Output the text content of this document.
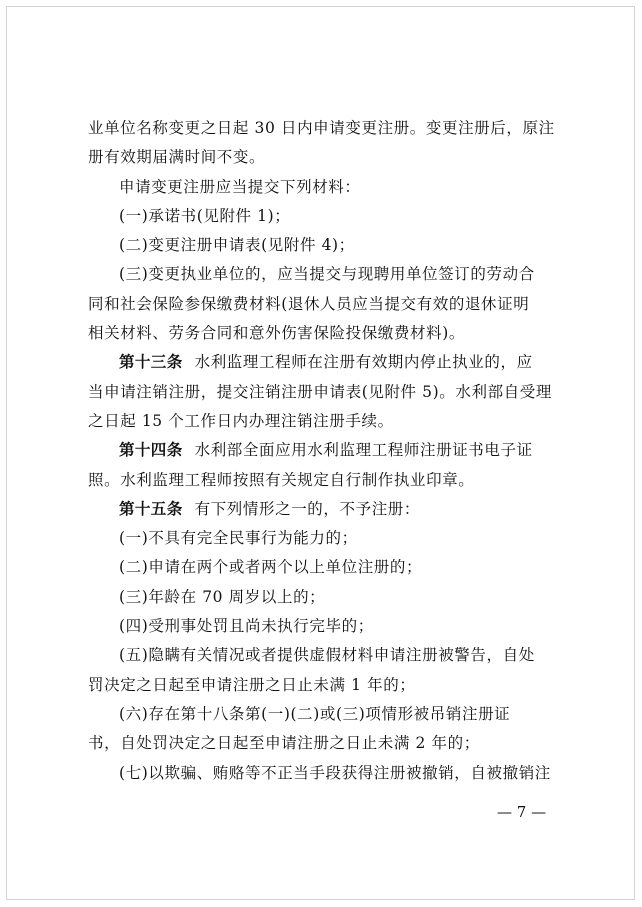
业单位名称变更之日起 30 日内申请变更注册。变更注册后，原注
册有效期届满时间不变。
申请变更注册应当提交下列材料：
(一)承诺书(见附件 1)；
(二)变更注册申请表(见附件 4)；
(三)变更执业单位的，应当提交与现聘用单位签订的劳动合
同和社会保险参保缴费材料(退休人员应当提交有效的退休证明
相关材料、劳务合同和意外伤害保险投保缴费材料)。
第十三条 水利监理工程师在注册有效期内停止执业的，应
当申请注销注册，提交注销注册申请表(见附件 5)。水利部自受理
之日起 15 个工作日内办理注销注册手续。
第十四条 水利部全面应用水利监理工程师注册证书电子证
照。水利监理工程师按照有关规定自行制作执业印章。
第十五条 有下列情形之一的，不予注册：
(一)不具有完全民事行为能力的；
(二)申请在两个或者两个以上单位注册的；
(三)年龄在 70 周岁以上的；
(四)受刑事处罚且尚未执行完毕的；
(五)隐瞒有关情况或者提供虚假材料申请注册被警告，自处
罚决定之日起至申请注册之日止未满 1 年的；
(六)存在第十八条第(一)(二)或(三)项情形被吊销注册证
书，自处罚决定之日起至申请注册之日止未满 2 年的；
(七)以欺骗、贿赂等不正当手段获得注册被撤销，自被撤销注
— 7 —
